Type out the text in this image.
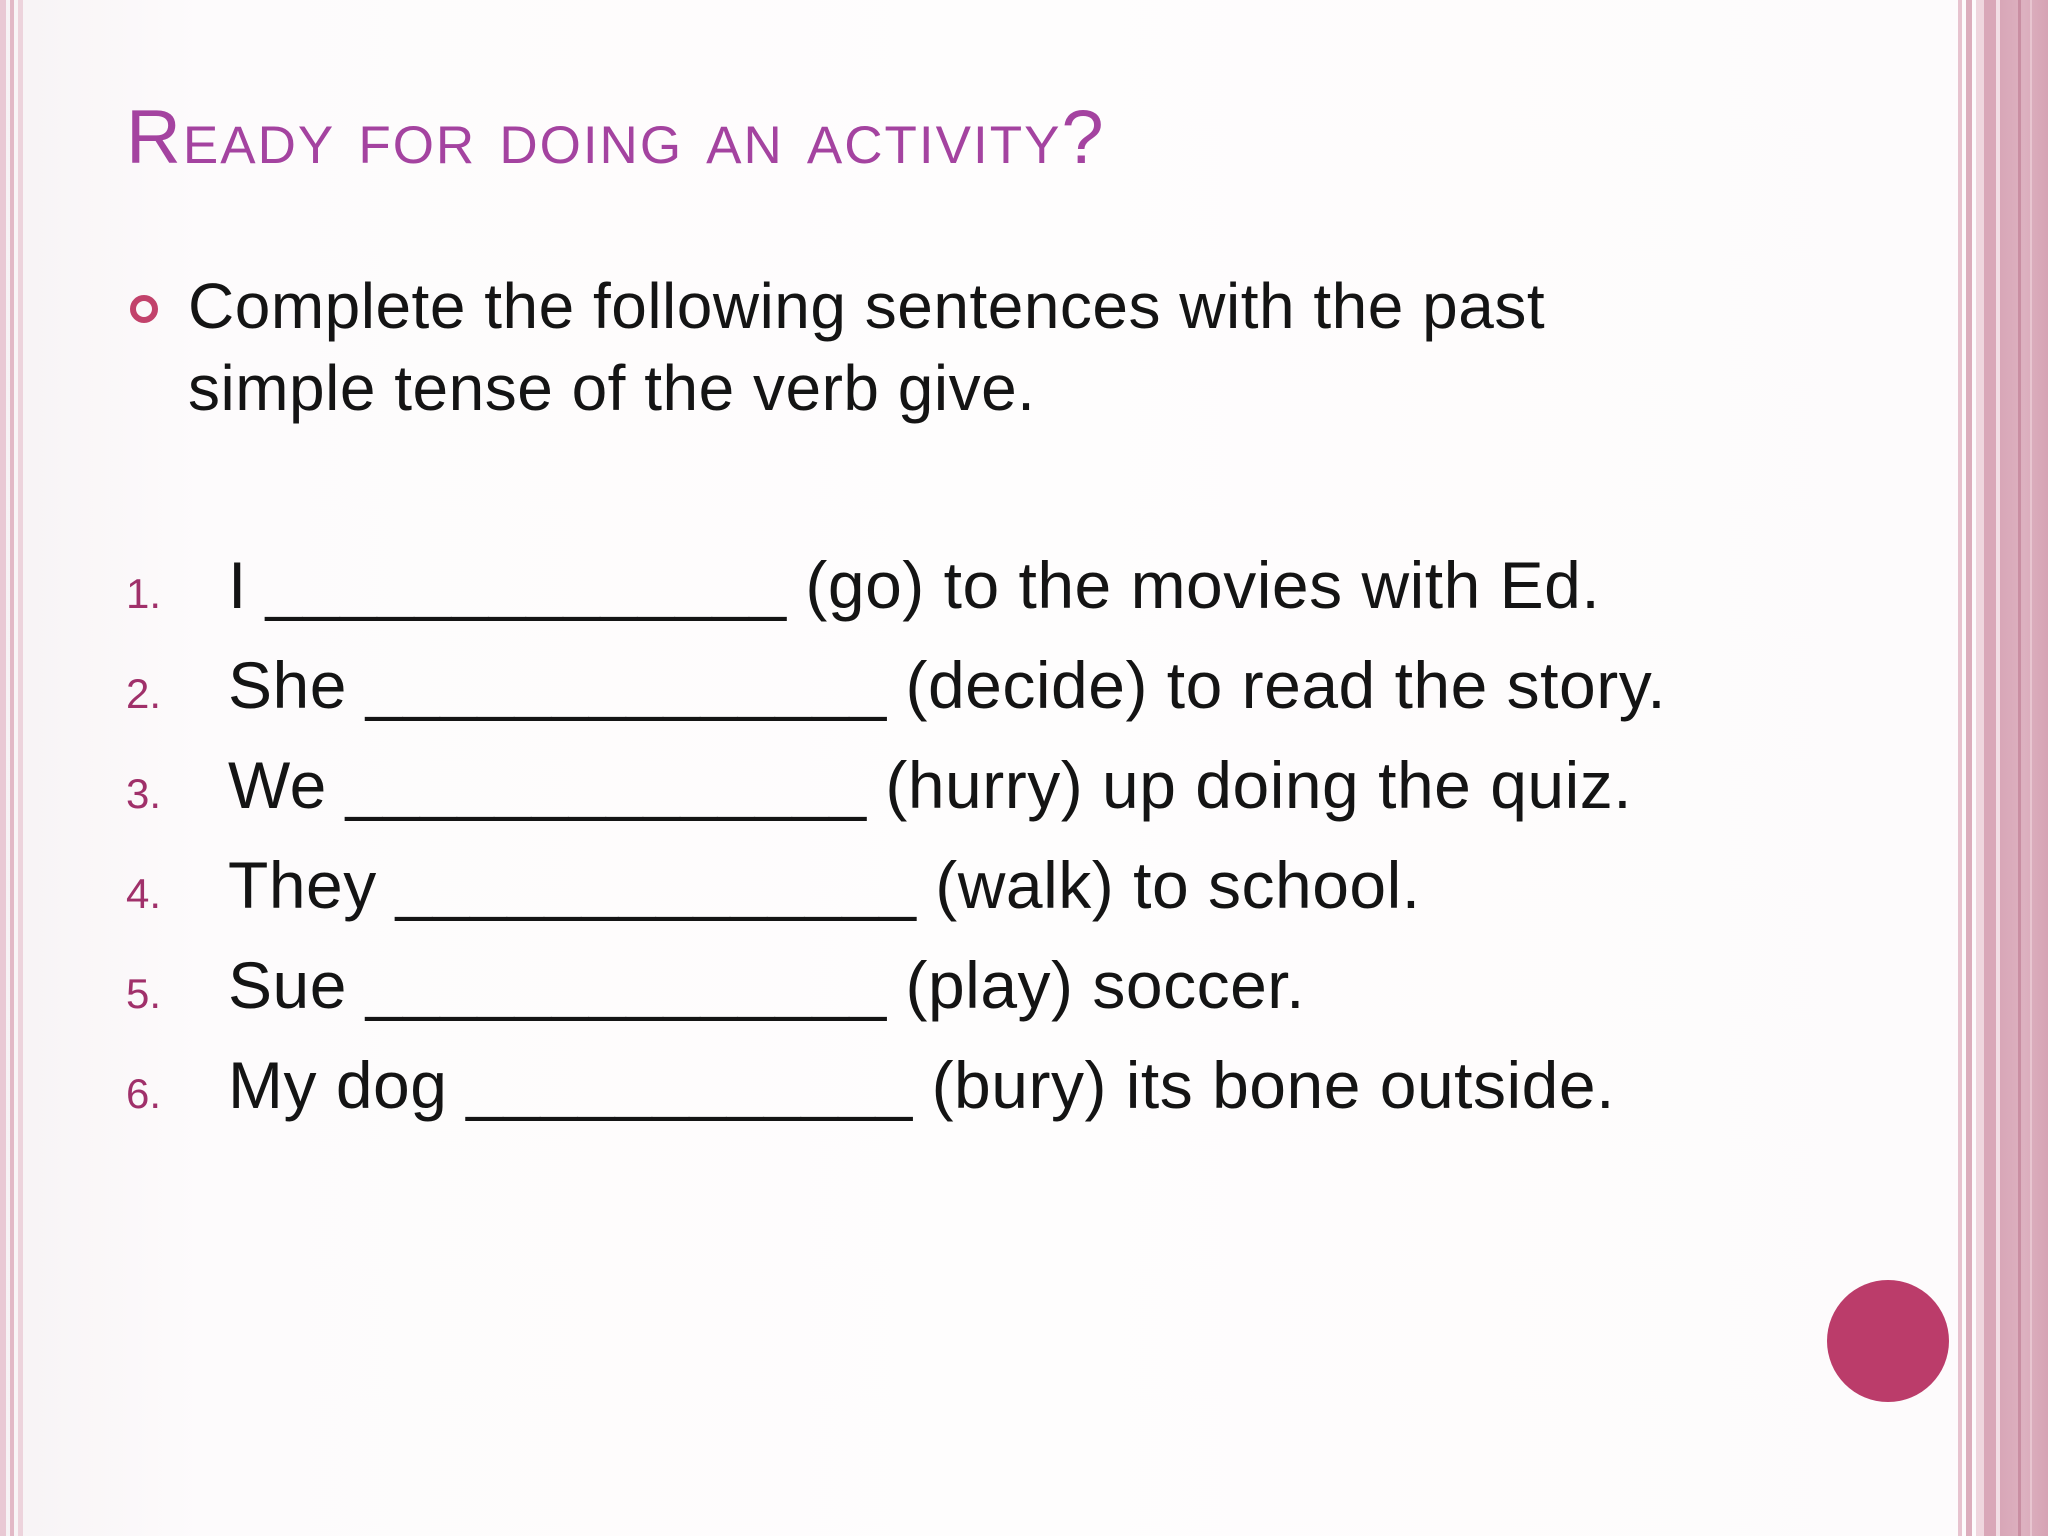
Ready for doing an activity?
Complete the following sentences with the past simple tense of the verb give.
1. I ______________ (go) to the movies with Ed.
2. She ______________ (decide) to read the story.
3. We ______________ (hurry) up doing the quiz.
4. They ______________ (walk) to school.
5. Sue ______________ (play) soccer.
6. My dog ____________ (bury) its bone outside.
